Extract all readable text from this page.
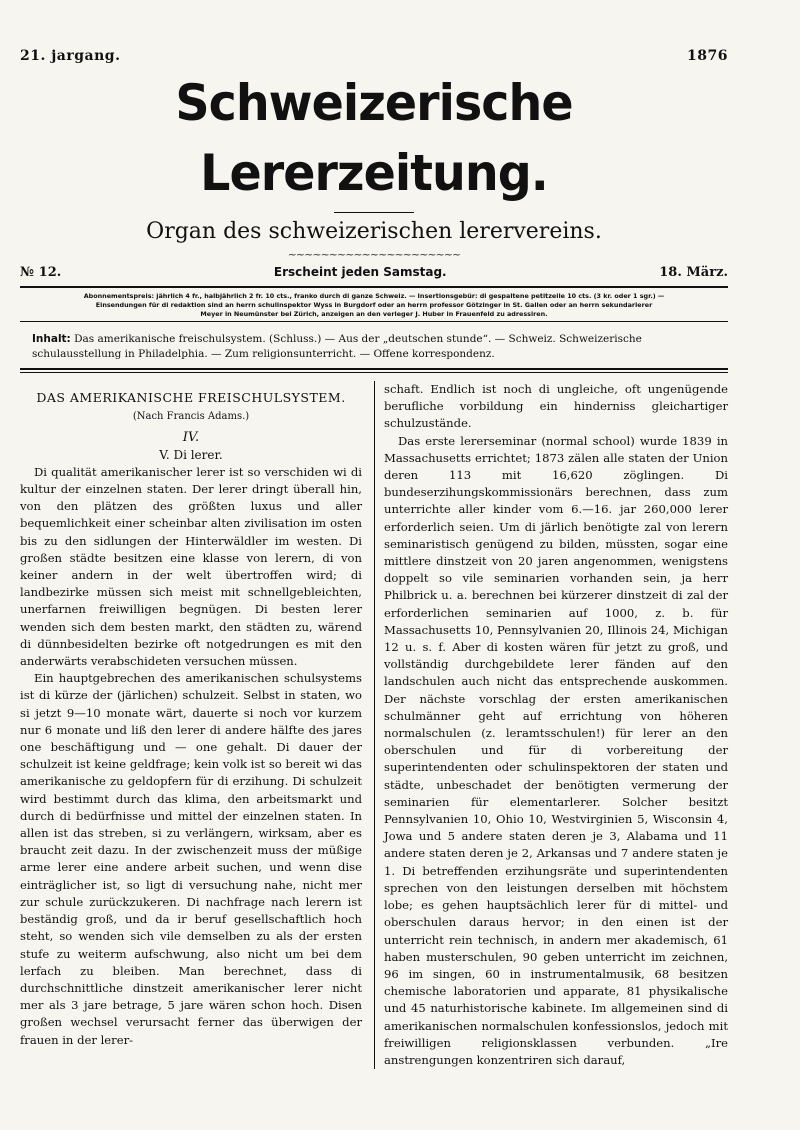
21. jargang.	1876
Schweizerische Lererzeitung.
Organ des schweizerischen lerervereins.
~~~~~~~~~~~~~~~~~~~~~
№ 12.	Erscheint jeden Samstag.	18. März.
Abonnementspreis: jährlich 4 fr., halbjährlich 2 fr. 10 cts., franko durch di ganze Schweiz. — Insertionsgebür: di gespaltene petitzeile 10 cts. (3 kr. oder 1 sgr.) —
Einsendungen für di redaktion sind an herrn schulinspektor Wyss in Burgdorf oder an herrn professor Götzinger in St. Gallen oder an herrn sekundarlerer
Meyer in Neumünster bei Zürich, anzeigen an den verleger J. Huber in Frauenfeld zu adressiren.
Inhalt: Das amerikanische freischulsystem. (Schluss.) — Aus der „deutschen stunde“. — Schweiz. Schweizerische schulausstellung in Philadelphia. — Zum religionsunterricht. — Offene korrespondenz.
DAS AMERIKANISCHE FREISCHULSYSTEM.
(Nach Francis Adams.)
IV.
V. Di lerer.

Di qualität amerikanischer lerer ist so verschiden wi di kultur der einzelnen staten. Der lerer dringt überall hin, von den plätzen des größten luxus und aller bequemlichkeit einer scheinbar alten zivilisation im osten bis zu den sidlungen der Hinterwäldler im westen. Di großen städte besitzen eine klasse von lerern, di von keiner andern in der welt übertroffen wird; di landbezirke müssen sich meist mit schnellgebleichten, unerfarnen freiwilligen begnügen. Di besten lerer wenden sich dem besten markt, den städten zu, wärend di dünnbesidelten bezirke oft notgedrungen es mit den anderwärts verabschideten versuchen müssen.

Ein hauptgebrechen des amerikanischen schulsystems ist di kürze der (järlichen) schulzeit. Selbst in staten, wo si jetzt 9—10 monate wärt, dauerte si noch vor kurzem nur 6 monate und liß den lerer di andere hälfte des jares one beschäftigung und — one gehalt. Di dauer der schulzeit ist keine geldfrage; kein volk ist so bereit wi das amerikanische zu geldopfern für di erzihung. Di schulzeit wird bestimmt durch das klima, den arbeitsmarkt und durch di bedürfnisse und mittel der einzelnen staten. In allen ist das streben, si zu verlängern, wirksam, aber es braucht zeit dazu. In der zwischenzeit muss der müßige arme lerer eine andere arbeit suchen, und wenn dise einträglicher ist, so ligt di versuchung nahe, nicht mer zur schule zurückzukeren. Di nachfrage nach lerern ist beständig groß, und da ir beruf gesellschaftlich hoch steht, so wenden sich vile demselben zu als der ersten stufe zu weiterm aufschwung, also nicht um bei dem lerfach zu bleiben. Man berechnet, dass di durchschnittliche dinstzeit amerikanischer lerer nicht mer als 3 jare betrage, 5 jare wären schon hoch. Disen großen wechsel verursacht ferner das überwigen der frauen in der lerer-

schaft. Endlich ist noch di ungleiche, oft ungenügende berufliche vorbildung ein hinderniss gleichartiger schulzustände.

Das erste lererseminar (normal school) wurde 1839 in Massachusetts errichtet; 1873 zälen alle staten der Union deren 113 mit 16,620 zöglingen. Di bundeserzihungskommissionärs berechnen, dass zum unterrichte aller kinder vom 6.—16. jar 260,000 lerer erforderlich seien. Um di järlich benötigte zal von lerern seminaristisch genügend zu bilden, müssten, sogar eine mittlere dinstzeit von 20 jaren angenommen, wenigstens doppelt so vile seminarien vorhanden sein, ja herr Philbrick u. a. berechnen bei kürzerer dinstzeit di zal der erforderlichen seminarien auf 1000, z. b. für Massachusetts 10, Pennsylvanien 20, Illinois 24, Michigan 12 u. s. f. Aber di kosten wären für jetzt zu groß, und vollständig durchgebildete lerer fänden auf den landschulen auch nicht das entsprechende auskommen. Der nächste vorschlag der ersten amerikanischen schulmänner geht auf errichtung von höheren normalschulen (z. leramtsschulen!) für lerer an den oberschulen und für di vorbereitung der superintendenten oder schulinspektoren der staten und städte, unbeschadet der benötigten vermerung der seminarien für elementarlerer. Solcher besitzt Pennsylvanien 10, Ohio 10, Westvirginien 5, Wisconsin 4, Jowa und 5 andere staten deren je 3, Alabama und 11 andere staten deren je 2, Arkansas und 7 andere staten je 1. Di betreffenden erzihungsräte und superintendenten sprechen von den leistungen derselben mit höchstem lobe; es gehen hauptsächlich lerer für di mittel- und oberschulen daraus hervor; in den einen ist der unterricht rein technisch, in andern mer akademisch, 61 haben musterschulen, 90 geben unterricht im zeichnen, 96 im singen, 60 in instrumentalmusik, 68 besitzen chemische laboratorien und apparate, 81 physikalische und 45 naturhistorische kabinete. Im allgemeinen sind di amerikanischen normalschulen konfessionslos, jedoch mit freiwilligen religionsklassen verbunden. „Ire anstrengungen konzentriren sich darauf,
